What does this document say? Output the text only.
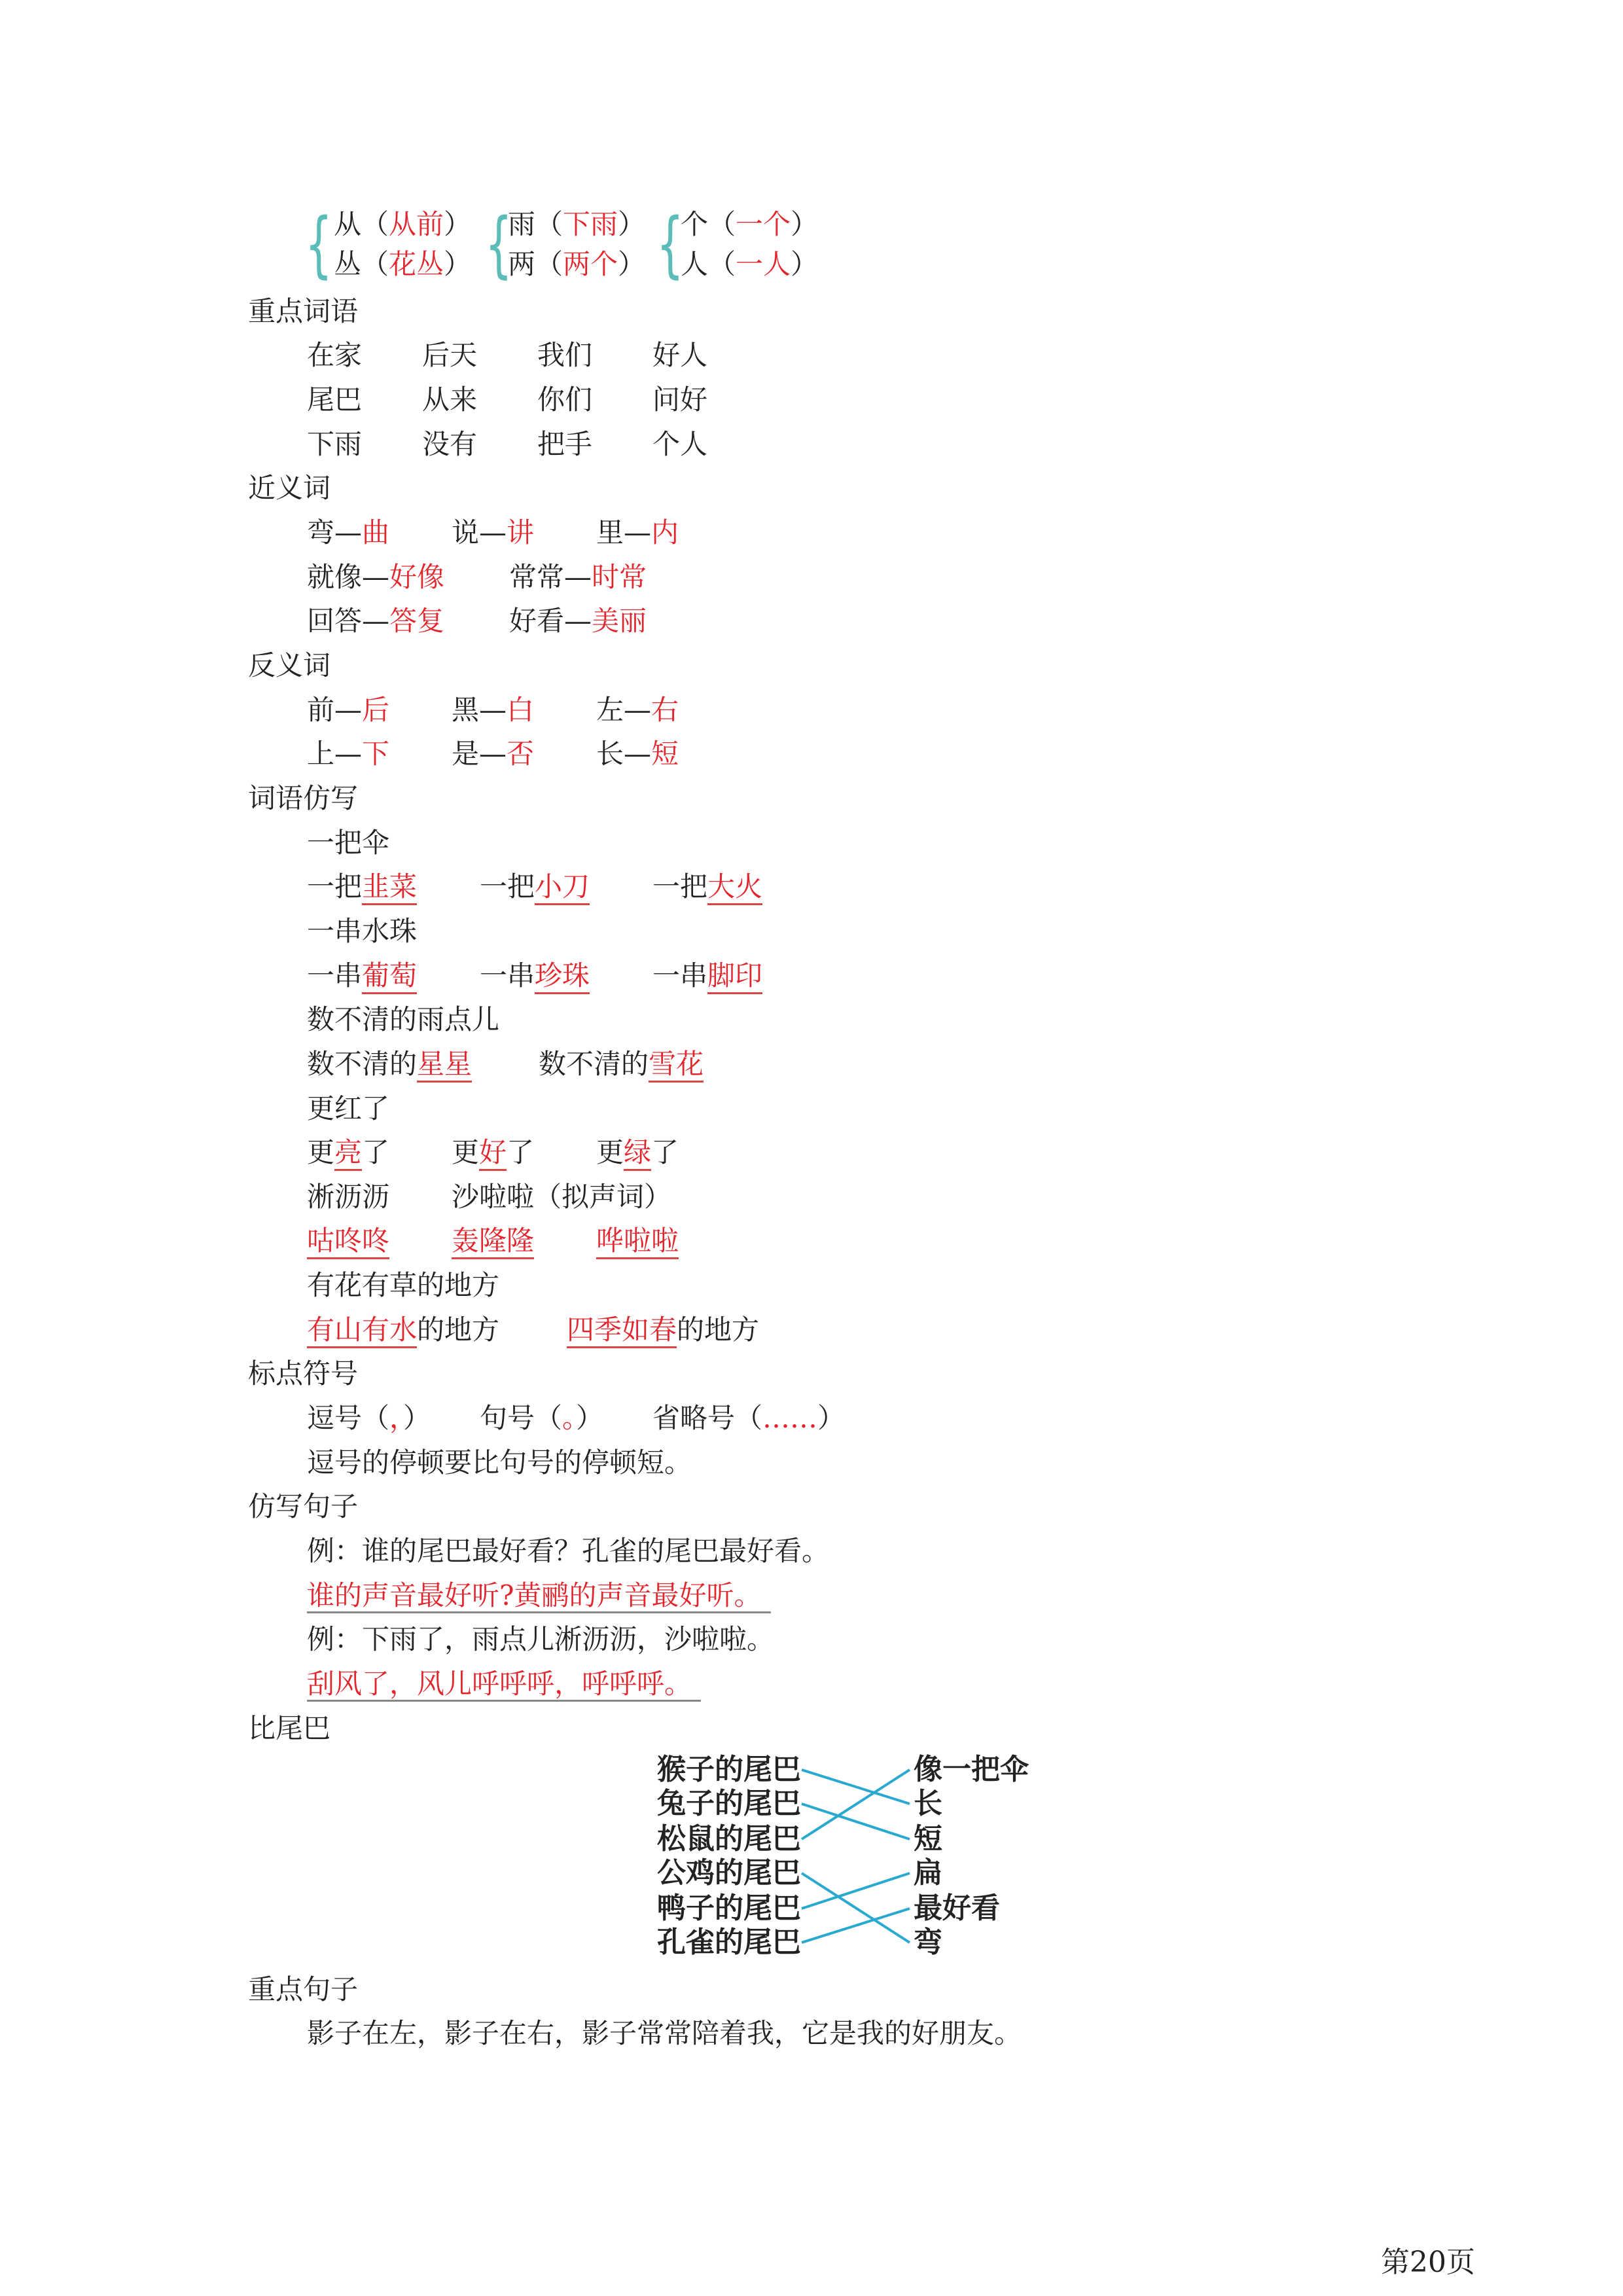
{ { {
从（从前）
丛（花丛）
雨（下雨）
两（两个）
个（一个）
人（一人）
重点词语
在家 后天 我们 好人
尾巴 从来 你们 问好
下雨 没有 把手 个人
近义词
弯—曲 说—讲 里—内
就像—好像 常常—时常
回答—答复 好看—美丽
反义词
前—后 黑—白 左—右
上—下 是—否 长—短
词语仿写
一把伞
一把韭菜 一把小刀 一把大火
一串水珠
一串葡萄 一串珍珠 一串脚印
数不清的雨点儿
数不清的星星 数不清的雪花
更红了
更亮了 更好了 更绿了
淅沥沥 沙啦啦（拟声词）
咕咚咚 轰隆隆 哗啦啦
有花有草的地方
有山有水的地方 四季如春的地方
标点符号
逗号（，） 句号（。） 省略号（……）
逗号的停顿要比句号的停顿短。
仿写句子
例：谁的尾巴最好看？孔雀的尾巴最好看。
谁的声音最好听?黄鹂的声音最好听。
例：下雨了，雨点儿淅沥沥，沙啦啦。
刮风了，风儿呼呼呼，呼呼呼。
比尾巴
猴子的尾巴
兔子的尾巴
松鼠的尾巴
公鸡的尾巴
鸭子的尾巴
孔雀的尾巴
像一把伞
长
短
扁
最好看
弯
重点句子
影子在左，影子在右，影子常常陪着我，它是我的好朋友。
第20页
